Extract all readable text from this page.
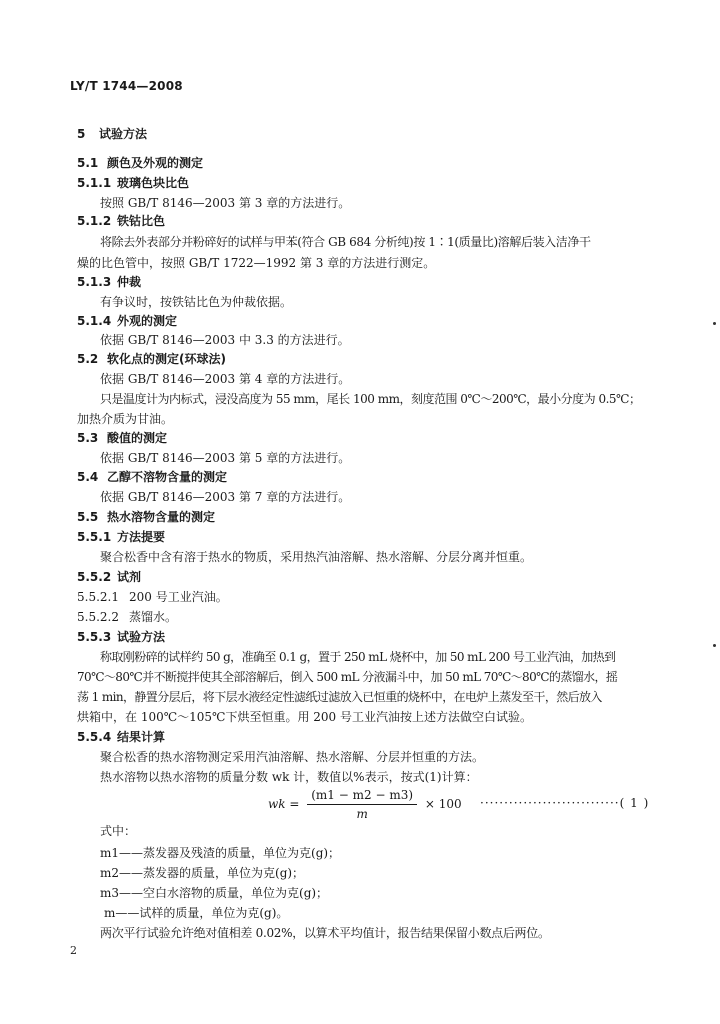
LY/T 1744—2008
5 试验方法
5.1 颜色及外观的测定
5.1.1 玻璃色块比色
按照 GB/T 8146—2003 第 3 章的方法进行。
5.1.2 铁钴比色
将除去外表部分并粉碎好的试样与甲苯(符合 GB 684 分析纯)按 1∶1(质量比)溶解后装入洁净干
燥的比色管中，按照 GB/T 1722—1992 第 3 章的方法进行测定。
5.1.3 仲裁
有争议时，按铁钴比色为仲裁依据。
5.1.4 外观的测定
依据 GB/T 8146—2003 中 3.3 的方法进行。
5.2 软化点的测定(环球法)
依据 GB/T 8146—2003 第 4 章的方法进行。
只是温度计为内标式，浸没高度为 55 mm，尾长 100 mm，刻度范围 0℃～200℃，最小分度为 0.5℃；
加热介质为甘油。
5.3 酸值的测定
依据 GB/T 8146—2003 第 5 章的方法进行。
5.4 乙醇不溶物含量的测定
依据 GB/T 8146—2003 第 7 章的方法进行。
5.5 热水溶物含量的测定
5.5.1 方法提要
聚合松香中含有溶于热水的物质，采用热汽油溶解、热水溶解、分层分离并恒重。
5.5.2 试剂
5.5.2.1 200 号工业汽油。
5.5.2.2 蒸馏水。
5.5.3 试验方法
称取刚粉碎的试样约 50 g，准确至 0.1 g，置于 250 mL 烧杯中，加 50 mL 200 号工业汽油，加热到
70℃～80℃并不断搅拌使其全部溶解后，倒入 500 mL 分液漏斗中，加 50 mL 70℃～80℃的蒸馏水，摇
荡 1 min，静置分层后，将下层水液经定性滤纸过滤放入已恒重的烧杯中，在电炉上蒸发至干，然后放入
烘箱中，在 100℃～105℃下烘至恒重。用 200 号工业汽油按上述方法做空白试验。
5.5.4 结果计算
聚合松香的热水溶物测定采用汽油溶解、热水溶解、分层并恒重的方法。
热水溶物以热水溶物的质量分数 wk 计，数值以%表示，按式(1)计算：
wk = $\frac{(m1 - m2 - m3)}{m} \times 100$ ·····························( 1 )
式中：
m1——蒸发器及残渣的质量，单位为克(g)；
m2——蒸发器的质量，单位为克(g)；
m3——空白水溶物的质量，单位为克(g)；
m——试样的质量，单位为克(g)。
两次平行试验允许绝对值相差 0.02%，以算术平均值计，报告结果保留小数点后两位。
2
